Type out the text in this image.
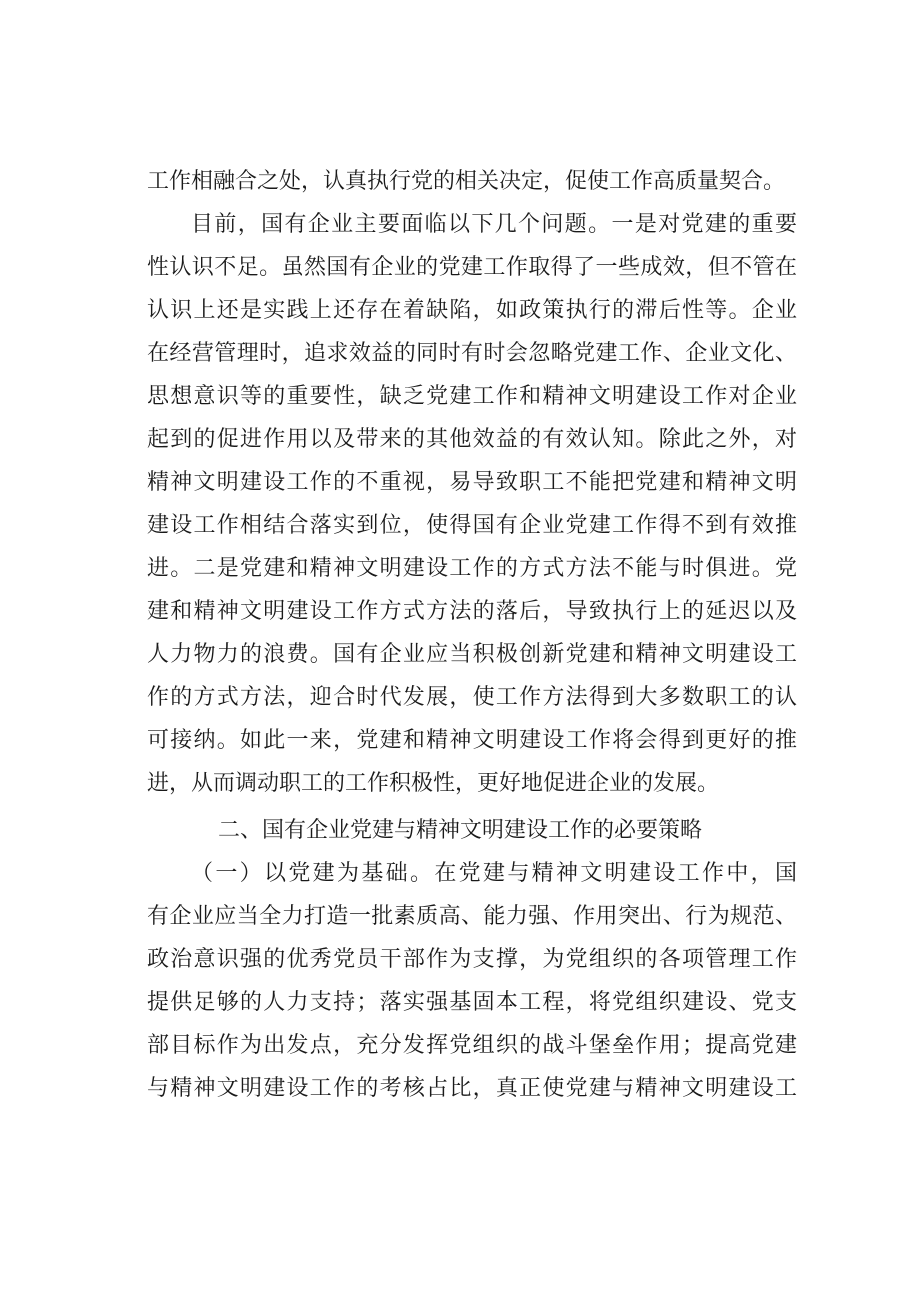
工作相融合之处，认真执行党的相关决定，促使工作高质量契合。
目前，国有企业主要面临以下几个问题。一是对党建的重要
性认识不足。虽然国有企业的党建工作取得了一些成效，但不管在
认识上还是实践上还存在着缺陷，如政策执行的滞后性等。企业
在经营管理时，追求效益的同时有时会忽略党建工作、企业文化、
思想意识等的重要性，缺乏党建工作和精神文明建设工作对企业
起到的促进作用以及带来的其他效益的有效认知。除此之外，对
精神文明建设工作的不重视，易导致职工不能把党建和精神文明
建设工作相结合落实到位，使得国有企业党建工作得不到有效推
进。二是党建和精神文明建设工作的方式方法不能与时俱进。党
建和精神文明建设工作方式方法的落后，导致执行上的延迟以及
人力物力的浪费。国有企业应当积极创新党建和精神文明建设工
作的方式方法，迎合时代发展，使工作方法得到大多数职工的认
可接纳。如此一来，党建和精神文明建设工作将会得到更好的推
进，从而调动职工的工作积极性，更好地促进企业的发展。
二、国有企业党建与精神文明建设工作的必要策略
（一）以党建为基础。在党建与精神文明建设工作中，国
有企业应当全力打造一批素质高、能力强、作用突出、行为规范、
政治意识强的优秀党员干部作为支撑，为党组织的各项管理工作
提供足够的人力支持；落实强基固本工程，将党组织建设、党支
部目标作为出发点，充分发挥党组织的战斗堡垒作用；提高党建
与精神文明建设工作的考核占比，真正使党建与精神文明建设工
